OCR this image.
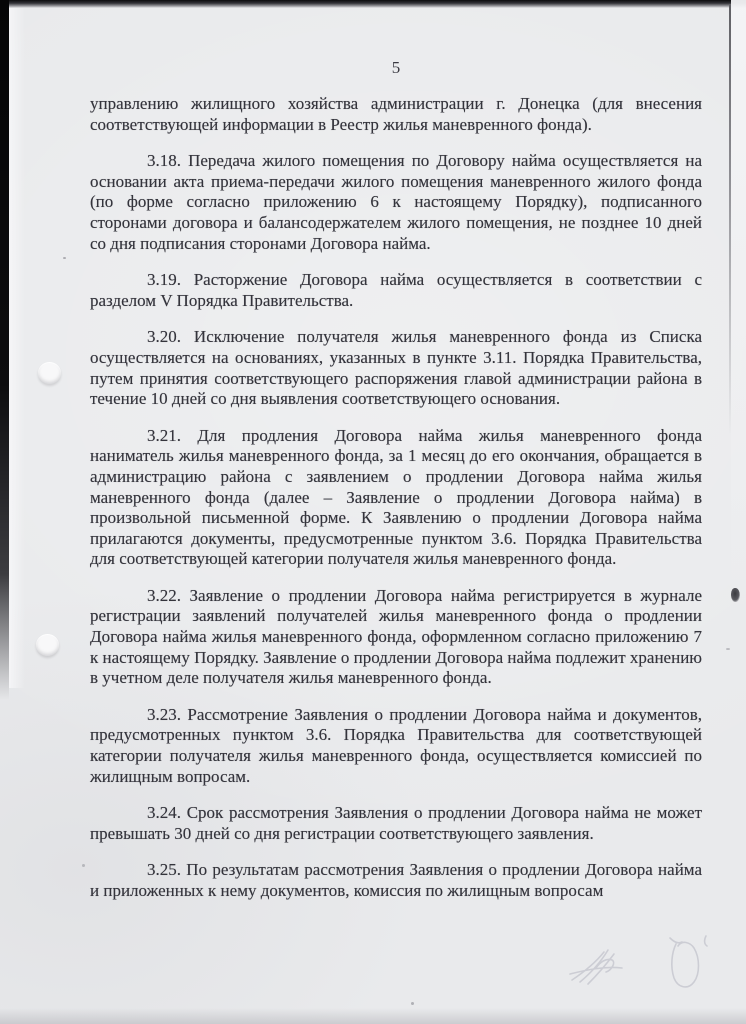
5

управлению жилищного хозяйства администрации г. Донецка (для внесения соответствующей информации в Реестр жилья маневренного фонда).

3.18. Передача жилого помещения по Договору найма осуществляется на основании акта приема-передачи жилого помещения маневренного жилого фонда (по форме согласно приложению 6 к настоящему Порядку), подписанного сторонами договора и балансодержателем жилого помещения, не позднее 10 дней со дня подписания сторонами Договора найма.

3.19. Расторжение Договора найма осуществляется в соответствии с разделом V Порядка Правительства.

3.20. Исключение получателя жилья маневренного фонда из Списка осуществляется на основаниях, указанных в пункте 3.11. Порядка Правительства, путем принятия соответствующего распоряжения главой администрации района в течение 10 дней со дня выявления соответствующего основания.

3.21. Для продления Договора найма жилья маневренного фонда наниматель жилья маневренного фонда, за 1 месяц до его окончания, обращается в администрацию района с заявлением о продлении Договора найма жилья маневренного фонда (далее – Заявление о продлении Договора найма) в произвольной письменной форме. К Заявлению о продлении Договора найма прилагаются документы, предусмотренные пунктом 3.6. Порядка Правительства для соответствующей категории получателя жилья маневренного фонда.

3.22. Заявление о продлении Договора найма регистрируется в журнале регистрации заявлений получателей жилья маневренного фонда о продлении Договора найма жилья маневренного фонда, оформленном согласно приложению 7 к настоящему Порядку. Заявление о продлении Договора найма подлежит хранению в учетном деле получателя жилья маневренного фонда.

3.23. Рассмотрение Заявления о продлении Договора найма и документов, предусмотренных пунктом 3.6. Порядка Правительства для соответствующей категории получателя жилья маневренного фонда, осуществляется комиссией по жилищным вопросам.

3.24. Срок рассмотрения Заявления о продлении Договора найма не может превышать 30 дней со дня регистрации соответствующего заявления.

3.25. По результатам рассмотрения Заявления о продлении Договора найма и приложенных к нему документов, комиссия по жилищным вопросам
